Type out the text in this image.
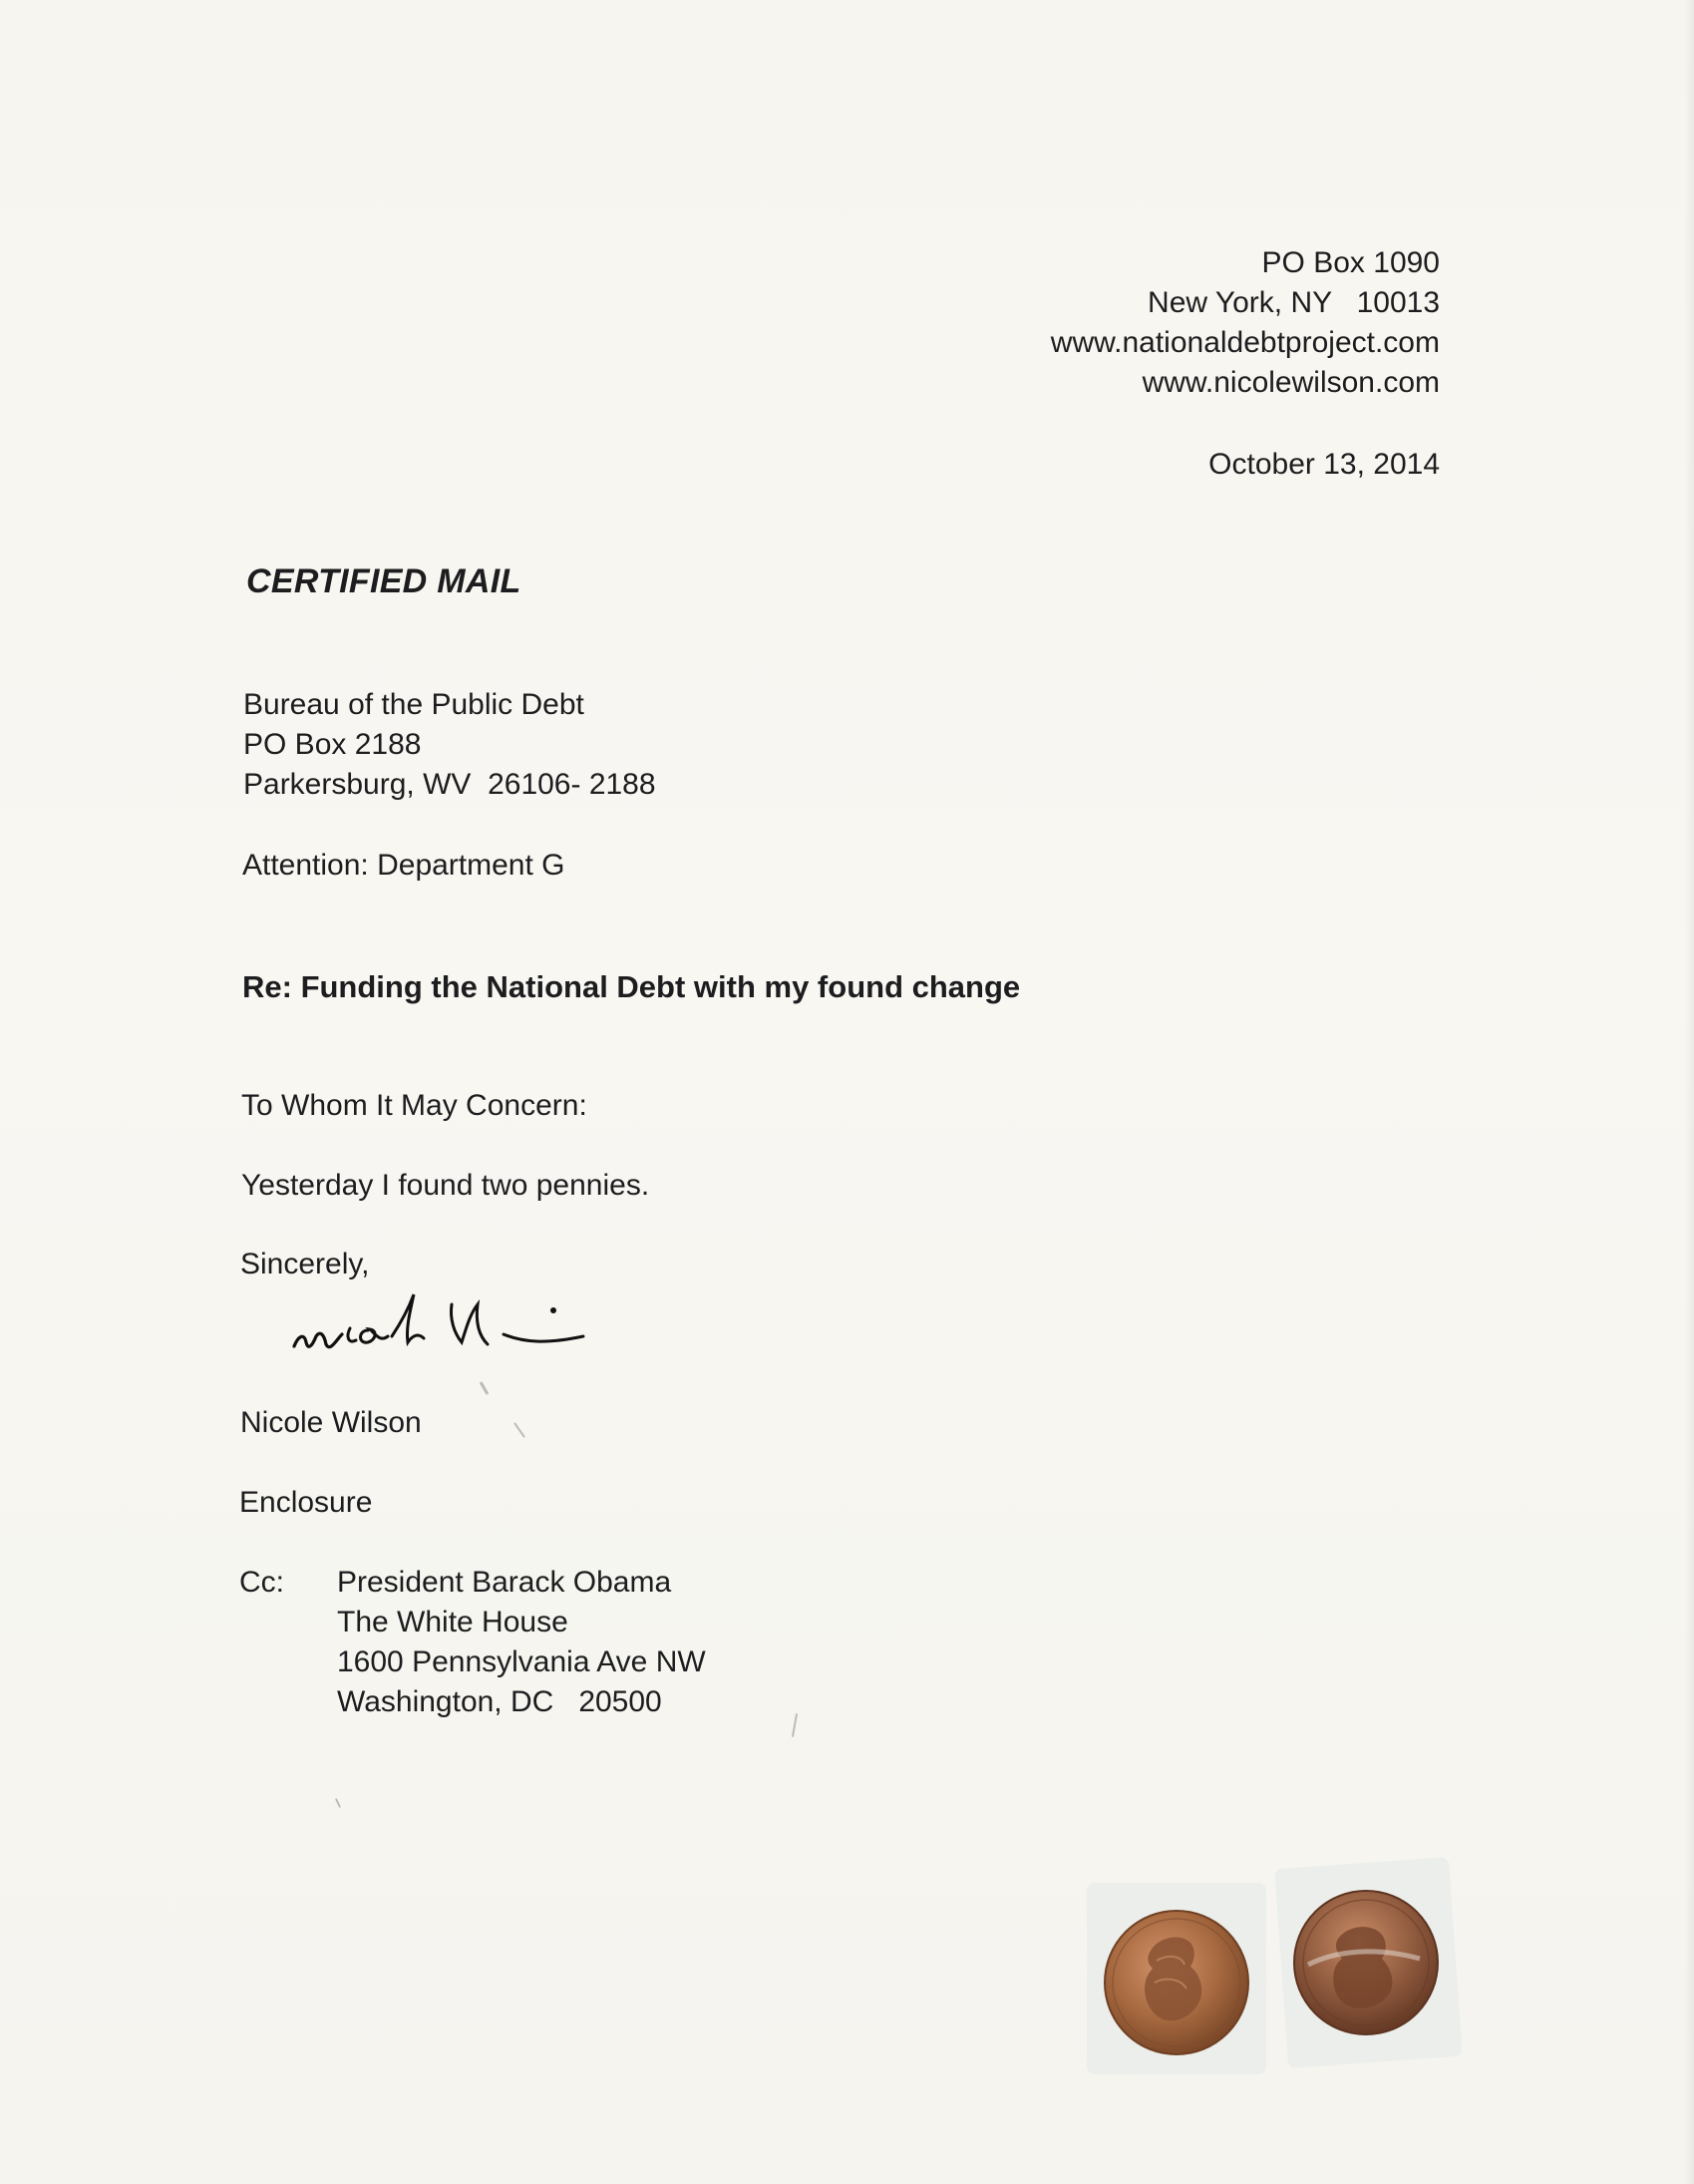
PO Box 1090
New York, NY   10013
www.nationaldebtproject.com
www.nicolewilson.com
October 13, 2014
CERTIFIED MAIL
Bureau of the Public Debt
PO Box 2188
Parkersburg, WV  26106- 2188
Attention: Department G
Re: Funding the National Debt with my found change
To Whom It May Concern:
Yesterday I found two pennies.
Sincerely,
Nicole Wilson
Enclosure
Cc: President Barack Obama
The White House
1600 Pennsylvania Ave NW
Washington, DC   20500
